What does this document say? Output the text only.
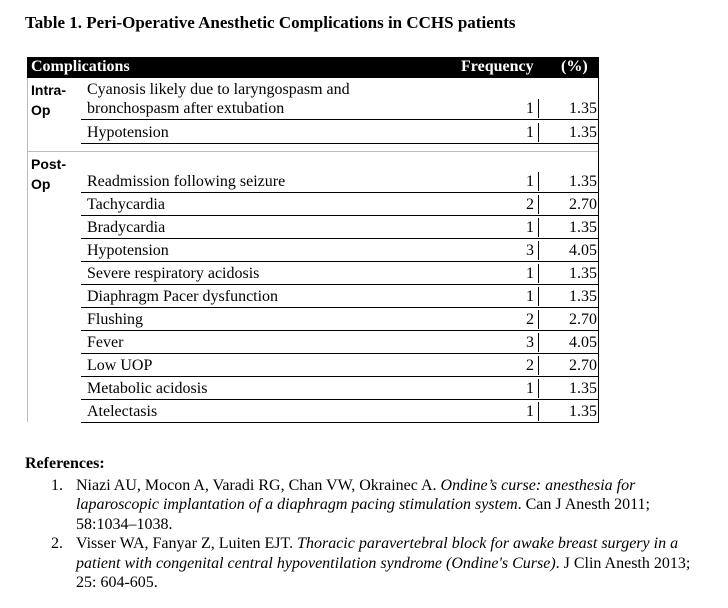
Table 1. Peri-Operative Anesthetic Complications in CCHS patients
Complications	Frequency (%)
Intra-
Op
Cyanosis likely due to laryngospasm and
bronchospasm after extubation	1	1.35
Hypotension	1	1.35
Post-
Op	Readmission following seizure	1	1.35
Tachycardia	2	2.70
Bradycardia	1	1.35
Hypotension	3	4.05
Severe respiratory acidosis	1	1.35
Diaphragm Pacer dysfunction	1	1.35
Flushing	2	2.70
Fever	3	4.05
Low UOP	2	2.70
Metabolic acidosis	1	1.35
Atelectasis	1	1.35
References:
1. Niazi AU, Mocon A, Varadi RG, Chan VW, Okrainec A. Ondine’s curse: anesthesia for laparoscopic implantation of a diaphragm pacing stimulation system. Can J Anesth 2011; 58:1034–1038.
2. Visser WA, Fanyar Z, Luiten EJT. Thoracic paravertebral block for awake breast surgery in a patient with congenital central hypoventilation syndrome (Ondine's Curse). J Clin Anesth 2013; 25: 604-605.
